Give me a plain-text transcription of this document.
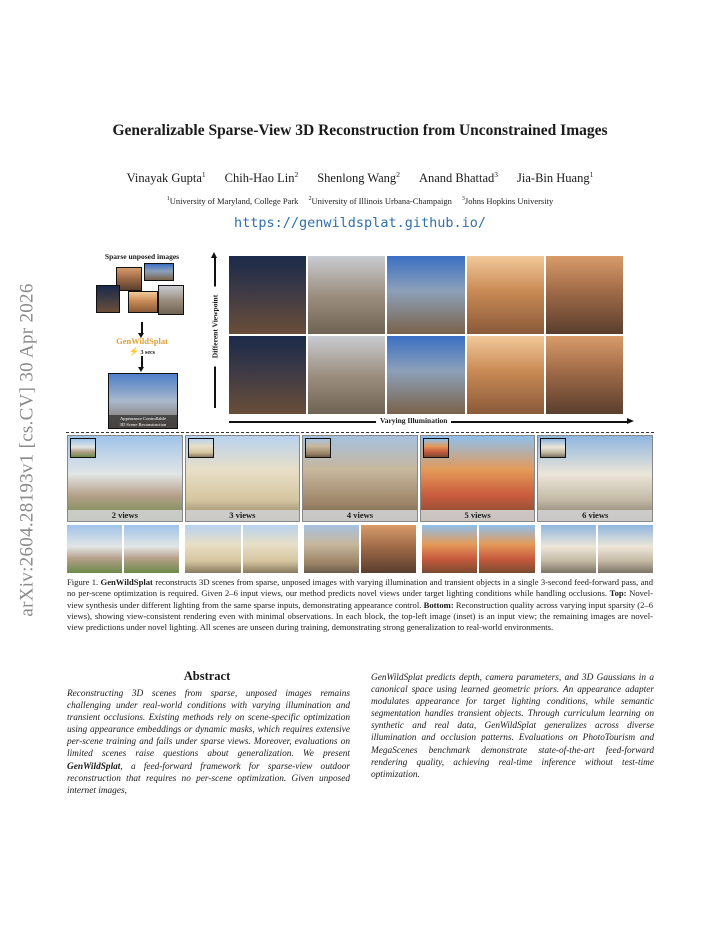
arXiv:2604.28193v1 [cs.CV] 30 Apr 2026
Generalizable Sparse-View 3D Reconstruction from Unconstrained Images
Vinayak Gupta$^1$ Chih-Hao Lin$^2$ Shenlong Wang$^2$ Anand Bhattad$^3$ Jia-Bin Huang$^1$
$^1$University of Maryland, College Park $^2$University of Illinois Urbana-Champaign $^3$Johns Hopkins University
https://genwildsplat.github.io/
Sparse unposed images
GenWildSplat
⚡ 3 secs
Appearance Controllable
3D Scene Reconstruction
Different Viewpoint
Varying Illumination
2 views	3 views	4 views	5 views	6 views

Figure 1. GenWildSplat reconstructs 3D scenes from sparse, unposed images with varying illumination and transient objects in a single 3-second feed-forward pass, and no per-scene optimization is required. Given 2–6 input views, our method predicts novel views under target lighting conditions while handling occlusions. Top: Novel-view synthesis under different lighting from the same sparse inputs, demonstrating appearance control. Bottom: Reconstruction quality across varying input sparsity (2–6 views), showing view-consistent rendering even with minimal observations. In each block, the top-left image (inset) is an input view; the remaining images are novel-view predictions under novel lighting. All scenes are unseen during training, demonstrating strong generalization to real-world environments.

Abstract

Reconstructing 3D scenes from sparse, unposed images remains challenging under real-world conditions with varying illumination and transient occlusions. Existing methods rely on scene-specific optimization using appearance embeddings or dynamic masks, which requires extensive per-scene training and fails under sparse views. Moreover, evaluations on limited scenes raise questions about generalization. We present GenWildSplat, a feed-forward framework for sparse-view outdoor reconstruction that requires no per-scene optimization. Given unposed internet images,

GenWildSplat predicts depth, camera parameters, and 3D Gaussians in a canonical space using learned geometric priors. An appearance adapter modulates appearance for target lighting conditions, while semantic segmentation handles transient objects. Through curriculum learning on synthetic and real data, GenWildSplat generalizes across diverse illumination and occlusion patterns. Evaluations on PhotoTourism and MegaScenes benchmark demonstrate state-of-the-art feed-forward rendering quality, achieving real-time inference without test-time optimization.
